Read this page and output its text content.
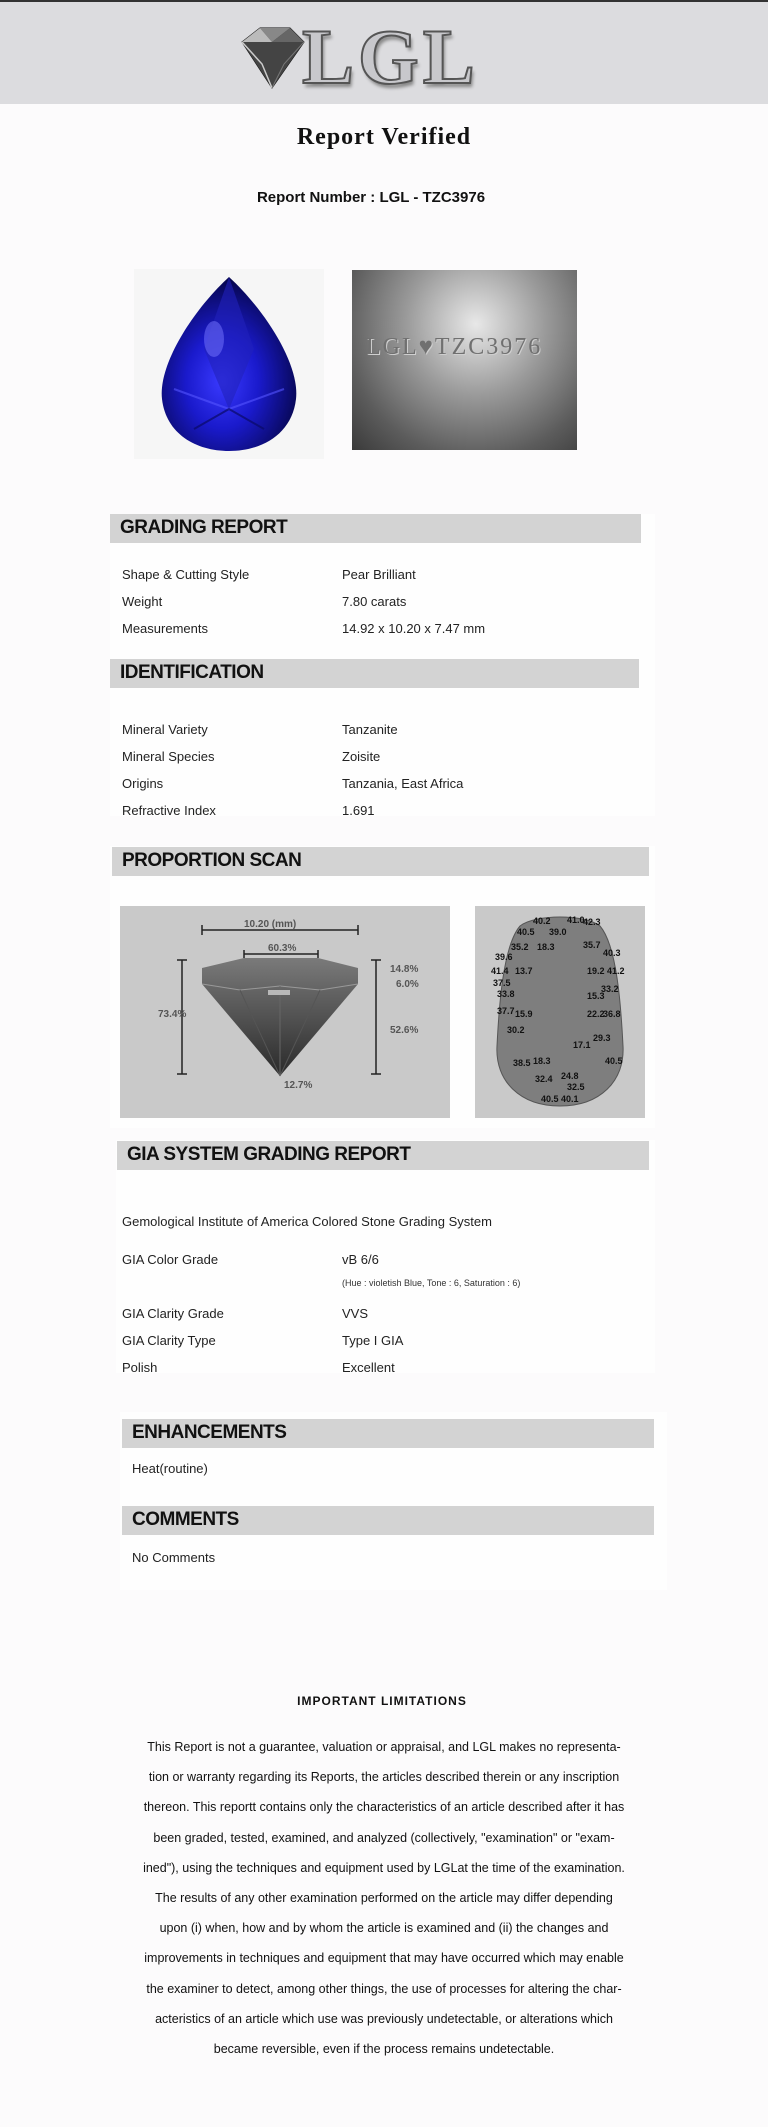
LGL
Report Verified
Report Number : LGL - TZC3976
LGL♥TZC3976
GRADING REPORT
Shape & Cutting Style	Pear Brilliant
Weight	7.80 carats
Measurements	14.92 x 10.20 x 7.47 mm
IDENTIFICATION
Mineral Variety	Tanzanite
Mineral Species	Zoisite
Origins	Tanzania, East Africa
Refractive Index	1.691
PROPORTION SCAN
10.20 (mm)
60.3%
73.4%
14.8%
6.0%
52.6%
12.7%
40.2 41.0
40.5 39.0
42.3
35.2 18.3	35.7
39.6	40.3
41.4 13.7	19.2 41.2
37.5
33.2
33.8	15.3
37.7 15.9	22.2
36.8
30.2
29.3
17.1
38.5 18.3	40.5
32.4 24.8
32.5
40.5 40.1
GIA SYSTEM GRADING REPORT
Gemological Institute of America Colored Stone Grading System
GIA Color Grade	vB 6/6
(Hue : violetish Blue, Tone : 6, Saturation : 6)
GIA Clarity Grade	VVS
GIA Clarity Type	Type I GIA
Polish	Excellent
ENHANCEMENTS
Heat(routine)
COMMENTS
No Comments
IMPORTANT LIMITATIONS
This Report is not a guarantee, valuation or appraisal, and LGL makes no representa-
tion or warranty regarding its Reports, the articles described therein or any inscription
thereon. This reportt contains only the characteristics of an article described after it has
been graded, tested, examined, and analyzed (collectively, "examination" or "exam-
ined"), using the techniques and equipment used by LGLat the time of the examination.
The results of any other examination performed on the article may differ depending
upon (i) when, how and by whom the article is examined and (ii) the changes and
improvements in techniques and equipment that may have occurred which may enable
the examiner to detect, among other things, the use of processes for altering the char-
acteristics of an article which use was previously undetectable, or alterations which
became reversible, even if the process remains undetectable.
